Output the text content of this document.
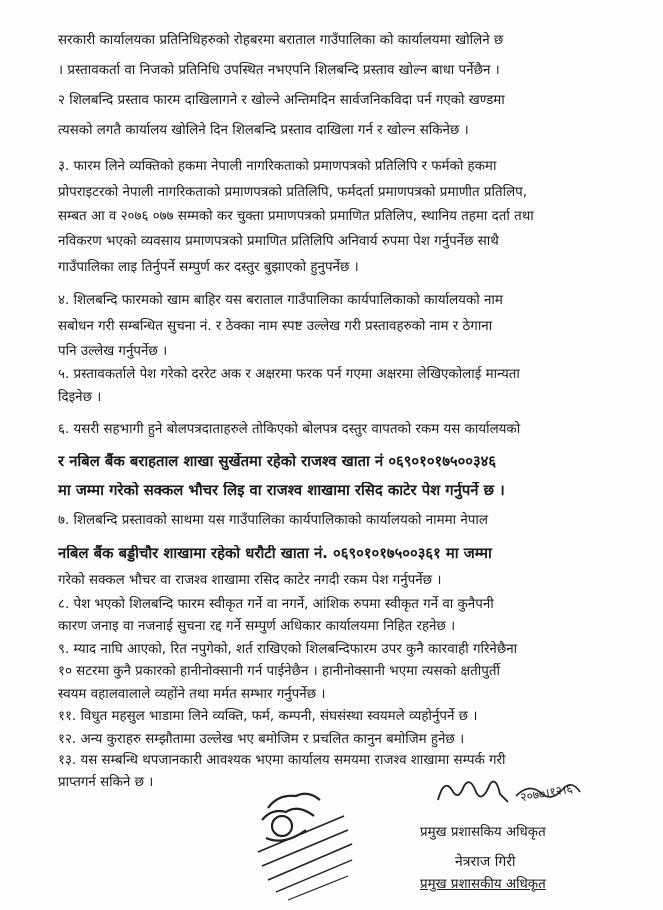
सरकारी कार्यालयका प्रतिनिधिहरुको रोहबरमा बराताल गाउँपालिका को कार्यालयमा खोलिने छ
। प्रस्तावकर्ता वा निजको प्रतिनिधि उपस्थित नभएपनि शिलबन्दि प्रस्ताव खोल्न बाधा पर्नेछैन ।
२ शिलबन्दि प्रस्ताव फारम दाखिलागने र खोल्ने अन्तिमदिन सार्वजनिकविदा पर्न गएको खण्डमा
त्यसको लगतै कार्यालय खोलिने दिन शिलबन्दि प्रस्ताव दाखिला गर्न र खोल्न सकिनेछ ।
३. फारम लिने व्यक्तिको हकमा नेपाली नागरिकताको प्रमाणपत्रको प्रतिलिपि र फर्मको हकमा
प्रोपराइटरको नेपाली नागरिकताको प्रमाणपत्रको प्रतिलिपि, फर्मदर्ता प्रमाणपत्रको प्रमाणीत प्रतिलिप,
सम्बत आ व २०७६ ०७७ सम्मको कर चुक्ता प्रमाणपत्रको प्रमाणित प्रतिलिप, स्थानिय तहमा दर्ता तथा
नविकरण भएको व्यवसाय प्रमाणपत्रको प्रमाणित प्रतिलिपि अनिवार्य रुपमा पेश गर्नुपर्नेछ साथै
गाउँपालिका लाइ तिर्नुपर्ने सम्पुर्ण कर दस्तुर बुझाएको हुनुपर्नेछ ।
४. शिलबन्दि फारमको खाम बाहिर यस बराताल गाउँपालिका कार्यपालिकाको कार्यालयको नाम
सबोधन गरी सम्बन्धित सुचना नं. र ठेक्का नाम स्पष्ट उल्लेख गरी प्रस्तावहरुको नाम र ठेगाना
पनि उल्लेख गर्नुपर्नेछ ।
५. प्रस्तावकर्ताले पेश गरेको दररेट अक र अक्षरमा फरक पर्न गएमा अक्षरमा लेखिएकोलाई मान्यता
दिइनेछ ।
६. यसरी सहभागी हुने बोलपत्रदाताहरुले तोकिएको बोलपत्र दस्तुर वापतको रकम यस कार्यालयको
र नबिल बैंक बराहताल शाखा सुर्खेतमा रहेको राजश्व खाता नं ०६९०१०१७५००३४६
मा जम्मा गरेको सक्कल भौचर लिइ वा राजश्व शाखामा रसिद काटेर पेश गर्नुपर्ने छ ।
७. शिलबन्दि प्रस्तावको साथमा यस गाउँपालिका कार्यपालिकाको कार्यालयको नाममा नेपाल
नबिल बैंक बड्डीचौर शाखामा रहेको धरौटी खाता नं. ०६९०१०१७५००३६१ मा जम्मा
गरेको सक्कल भौचर वा राजश्व शाखामा रसिद काटेर नगदी रकम पेश गर्नुपर्नेछ ।
८. पेश भएको शिलबन्दि फारम स्वीकृत गर्ने वा नगर्ने, आंशिक रुपमा स्वीकृत गर्ने वा कुनैपनी
कारण जनाइ वा नजनाई सुचना रद्द गर्ने सम्पुर्ण अधिकार कार्यालयमा निहित रहनेछ ।
९. म्याद नाघि आएको, रित नपुगेको, शर्त राखिएको शिलबन्दिफारम उपर कुनै कारवाही गरिनेछैना
१० सटरमा कुनै प्रकारको हानीनोक्सानी गर्न पाईनेछैन । हानीनोक्सानी भएमा त्यसको क्षतीपुर्ती
स्वयम वहालवालाले व्यहोंने तथा मर्मत सम्भार गर्नुपर्नेछ ।
११. विधुत महसुल भाडामा लिने व्यक्ति, फर्म, कम्पनी, संघसंस्था स्वयमले व्यहोर्नुपर्ने छ ।
१२. अन्य कुराहरु सम्झौतामा उल्लेख भए बमोजिम र प्रचलित कानुन बमोजिम हुनेछ ।
१३. यस सम्बन्धि थपजानकारी आवश्यक भएमा कार्यालय समयमा राजश्व शाखामा सम्पर्क गरी
प्राप्तगर्न सकिने छ ।	२०७७।१२।६
प्रमुख प्रशासकिय अधिकृत
नेत्रराज गिरी
प्रमुख प्रशासकीय अधिकृत
